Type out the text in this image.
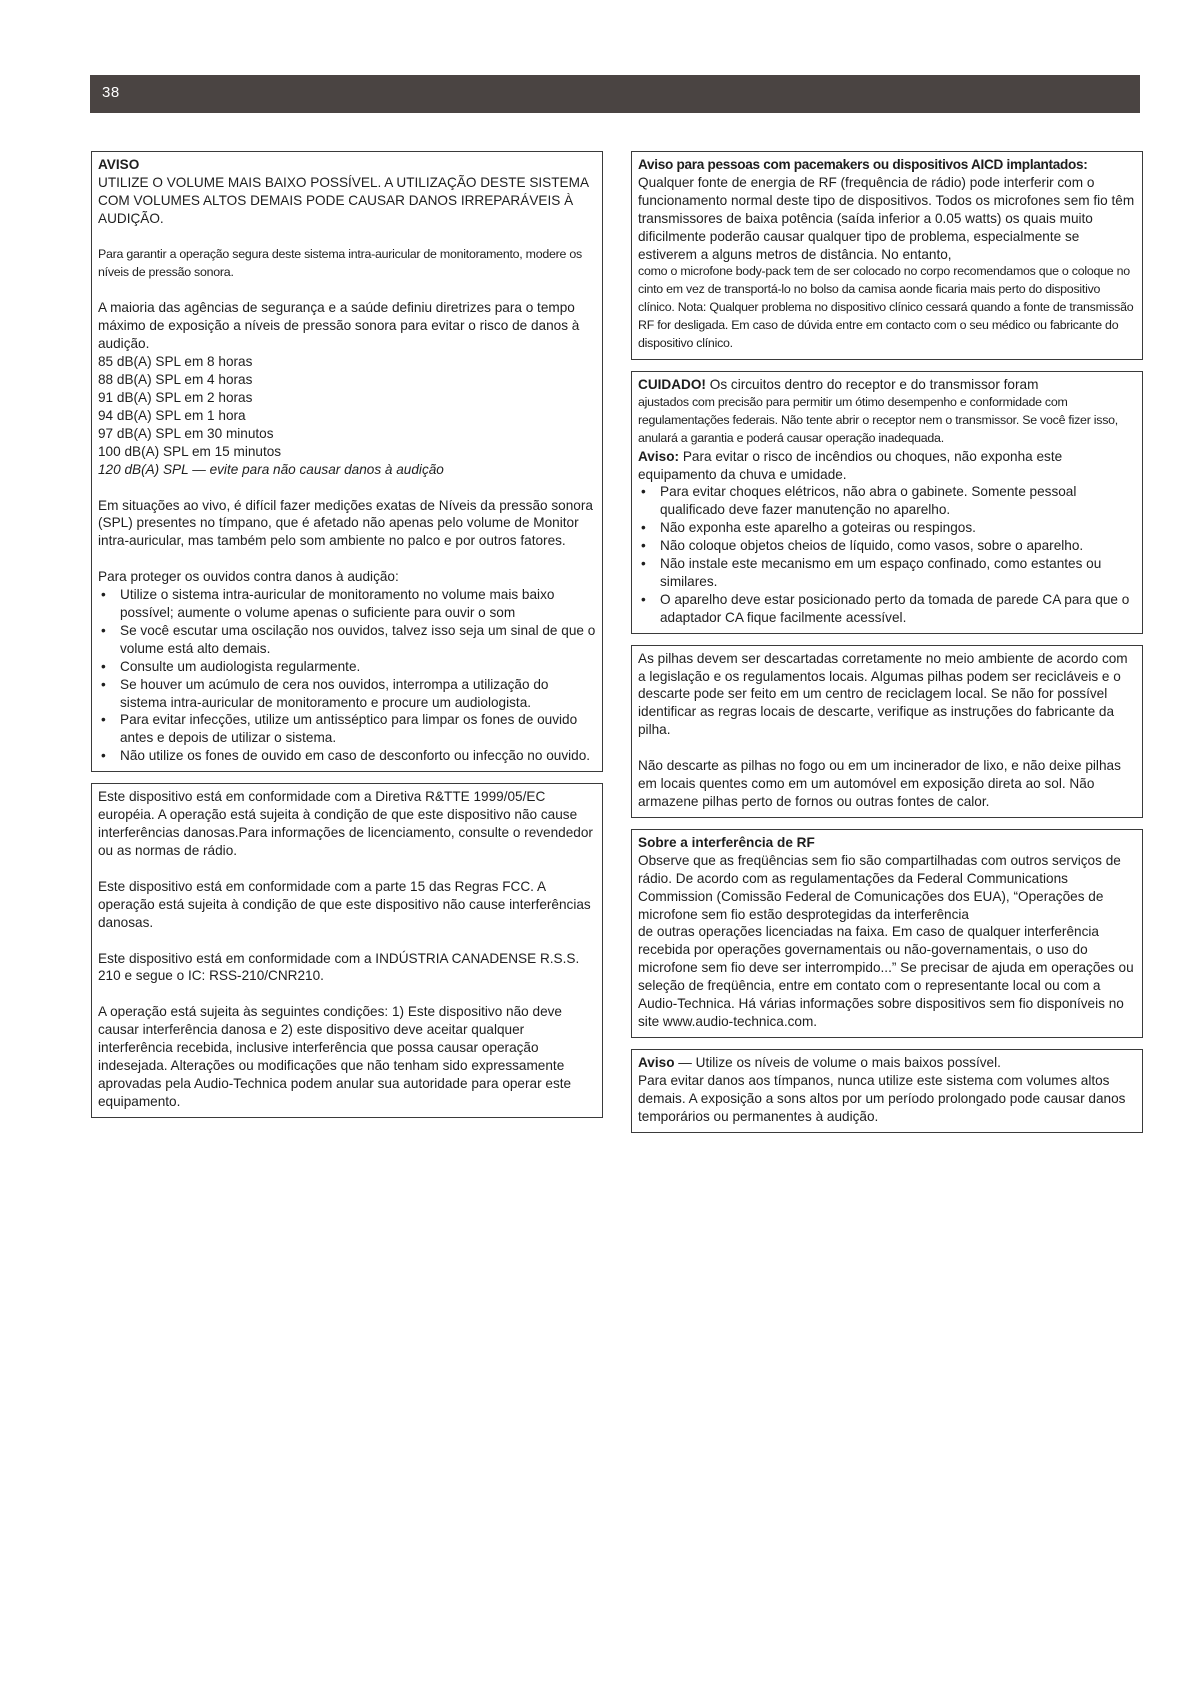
38

AVISO

UTILIZE O VOLUME MAIS BAIXO POSSÍVEL. A UTILIZAÇÃO DESTE SISTEMA COM VOLUMES ALTOS DEMAIS PODE CAUSAR DANOS IRREPARÁVEIS À AUDIÇÃO.

Para garantir a operação segura deste sistema intra-auricular de monitoramento, modere os níveis de pressão sonora.

A maioria das agências de segurança e a saúde definiu diretrizes para o tempo máximo de exposição a níveis de pressão sonora para evitar o risco de danos à audição.

85 dB(A) SPL em 8 horas

88 dB(A) SPL em 4 horas

91 dB(A) SPL em 2 horas

94 dB(A) SPL em 1 hora

97 dB(A) SPL em 30 minutos

100 dB(A) SPL em 15 minutos

120 dB(A) SPL — evite para não causar danos à audição

Em situações ao vivo, é difícil fazer medições exatas de Níveis da pressão sonora (SPL) presentes no tímpano, que é afetado não apenas pelo volume de Monitor intra-auricular, mas também pelo som ambiente no palco e por outros fatores.

Para proteger os ouvidos contra danos à audição:

• Utilize o sistema intra-auricular de monitoramento no volume mais baixo possível; aumente o volume apenas o suficiente para ouvir o som
• Se você escutar uma oscilação nos ouvidos, talvez isso seja um sinal de que o volume está alto demais.
• Consulte um audiologista regularmente.
• Se houver um acúmulo de cera nos ouvidos, interrompa a utilização do sistema intra-auricular de monitoramento e procure um audiologista.
• Para evitar infecções, utilize um antisséptico para limpar os fones de ouvido antes e depois de utilizar o sistema.
• Não utilize os fones de ouvido em caso de desconforto ou infecção no ouvido.

Este dispositivo está em conformidade com a Diretiva R&TTE 1999/05/EC européia. A operação está sujeita à condição de que este dispositivo não cause interferências danosas.Para informações de licenciamento, consulte o revendedor ou as normas de rádio.

Este dispositivo está em conformidade com a parte 15 das Regras FCC. A operação está sujeita à condição de que este dispositivo não cause interferências danosas.

Este dispositivo está em conformidade com a INDÚSTRIA CANADENSE R.S.S. 210 e segue o IC: RSS-210/CNR210.

A operação está sujeita às seguintes condições: 1) Este dispositivo não deve causar interferência danosa e 2) este dispositivo deve aceitar qualquer interferência recebida, inclusive interferência que possa causar operação indesejada. Alterações ou modificações que não tenham sido expressamente aprovadas pela Audio-Technica podem anular sua autoridade para operar este equipamento.

Aviso para pessoas com pacemakers ou dispositivos AICD implantados:

Qualquer fonte de energia de RF (frequência de rádio) pode interferir com o funcionamento normal deste tipo de dispositivos. Todos os microfones sem fio têm transmissores de baixa potência (saída inferior a 0.05 watts) os quais muito dificilmente poderão causar qualquer tipo de problema, especialmente se estiverem a alguns metros de distância. No entanto,

como o microfone body-pack tem de ser colocado no corpo recomendamos que o coloque no cinto em vez de transportá-lo no bolso da camisa aonde ficaria mais perto do dispositivo clínico. Nota: Qualquer problema no dispositivo clínico cessará quando a fonte de transmissão RF for desligada. Em caso de dúvida entre em contacto com o seu médico ou fabricante do dispositivo clínico.

CUIDADO! Os circuitos dentro do receptor e do transmissor foram

ajustados com precisão para permitir um ótimo desempenho e conformidade com regulamentações federais. Não tente abrir o receptor nem o transmissor. Se você fizer isso, anulará a garantia e poderá causar operação inadequada.

Aviso: Para evitar o risco de incêndios ou choques, não exponha este equipamento da chuva e umidade.

• Para evitar choques elétricos, não abra o gabinete. Somente pessoal qualificado deve fazer manutenção no aparelho.
• Não exponha este aparelho a goteiras ou respingos.
• Não coloque objetos cheios de líquido, como vasos, sobre o aparelho.
• Não instale este mecanismo em um espaço confinado, como estantes ou similares.
• O aparelho deve estar posicionado perto da tomada de parede CA para que o adaptador CA fique facilmente acessível.

As pilhas devem ser descartadas corretamente no meio ambiente de acordo com a legislação e os regulamentos locais. Algumas pilhas podem ser recicláveis e o descarte pode ser feito em um centro de reciclagem local. Se não for possível identificar as regras locais de descarte, verifique as instruções do fabricante da pilha.

Não descarte as pilhas no fogo ou em um incinerador de lixo, e não deixe pilhas em locais quentes como em um automóvel em exposição direta ao sol. Não armazene pilhas perto de fornos ou outras fontes de calor.

Sobre a interferência de RF

Observe que as freqüências sem fio são compartilhadas com outros serviços de rádio. De acordo com as regulamentações da Federal Communications Commission (Comissão Federal de Comunicações dos EUA), “Operações de microfone sem fio estão desprotegidas da interferência

de outras operações licenciadas na faixa. Em caso de qualquer interferência recebida por operações governamentais ou não-governamentais, o uso do microfone sem fio deve ser interrompido...” Se precisar de ajuda em operações ou seleção de freqüência, entre em contato com o representante local ou com a Audio-Technica. Há várias informações sobre dispositivos sem fio disponíveis no site www.audio-technica.com.

Aviso — Utilize os níveis de volume o mais baixos possível.

Para evitar danos aos tímpanos, nunca utilize este sistema com volumes altos demais. A exposição a sons altos por um período prolongado pode causar danos temporários ou permanentes à audição.
